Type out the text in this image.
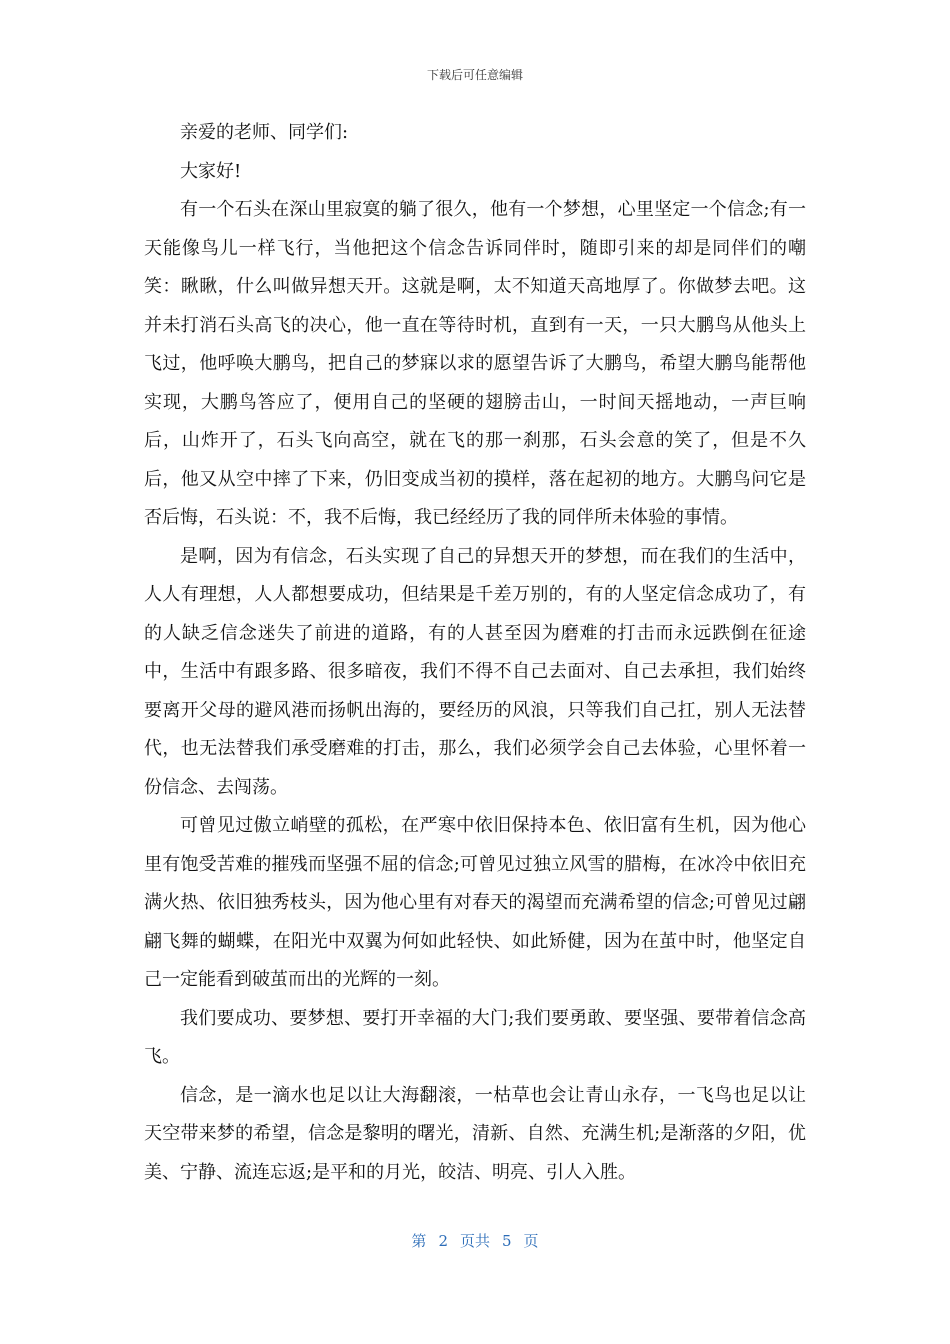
下载后可任意编辑

亲爱的老师、同学们:

大家好!

有一个石头在深山里寂寞的躺了很久，他有一个梦想，心里坚定一个信念;有一天能像鸟儿一样飞行，当他把这个信念告诉同伴时，随即引来的却是同伴们的嘲笑：瞅瞅，什么叫做异想天开。这就是啊，太不知道天高地厚了。你做梦去吧。这并未打消石头高飞的决心，他一直在等待时机，直到有一天，一只大鹏鸟从他头上飞过，他呼唤大鹏鸟，把自己的梦寐以求的愿望告诉了大鹏鸟，希望大鹏鸟能帮他实现，大鹏鸟答应了，便用自己的坚硬的翅膀击山，一时间天摇地动，一声巨响后，山炸开了，石头飞向高空，就在飞的那一刹那，石头会意的笑了，但是不久后，他又从空中摔了下来，仍旧变成当初的摸样，落在起初的地方。大鹏鸟问它是否后悔，石头说：不，我不后悔，我已经经历了我的同伴所未体验的事情。

是啊，因为有信念，石头实现了自己的异想天开的梦想，而在我们的生活中，人人有理想，人人都想要成功，但结果是千差万别的，有的人坚定信念成功了，有的人缺乏信念迷失了前进的道路，有的人甚至因为磨难的打击而永远跌倒在征途中，生活中有跟多路、很多暗夜，我们不得不自己去面对、自己去承担，我们始终要离开父母的避风港而扬帆出海的，要经历的风浪，只等我们自己扛，别人无法替代，也无法替我们承受磨难的打击，那么，我们必须学会自己去体验，心里怀着一份信念、去闯荡。

可曾见过傲立峭壁的孤松，在严寒中依旧保持本色、依旧富有生机，因为他心里有饱受苦难的摧残而坚强不屈的信念;可曾见过独立风雪的腊梅，在冰冷中依旧充满火热、依旧独秀枝头，因为他心里有对春天的渴望而充满希望的信念;可曾见过翩翩飞舞的蝴蝶，在阳光中双翼为何如此轻快、如此矫健，因为在茧中时，他坚定自己一定能看到破茧而出的光辉的一刻。

我们要成功、要梦想、要打开幸福的大门;我们要勇敢、要坚强、要带着信念高飞。

信念，是一滴水也足以让大海翻滚，一枯草也会让青山永存，一飞鸟也足以让天空带来梦的希望，信念是黎明的曙光，清新、自然、充满生机;是渐落的夕阳，优美、宁静、流连忘返;是平和的月光，皎洁、明亮、引人入胜。

第 2 页共 5 页
